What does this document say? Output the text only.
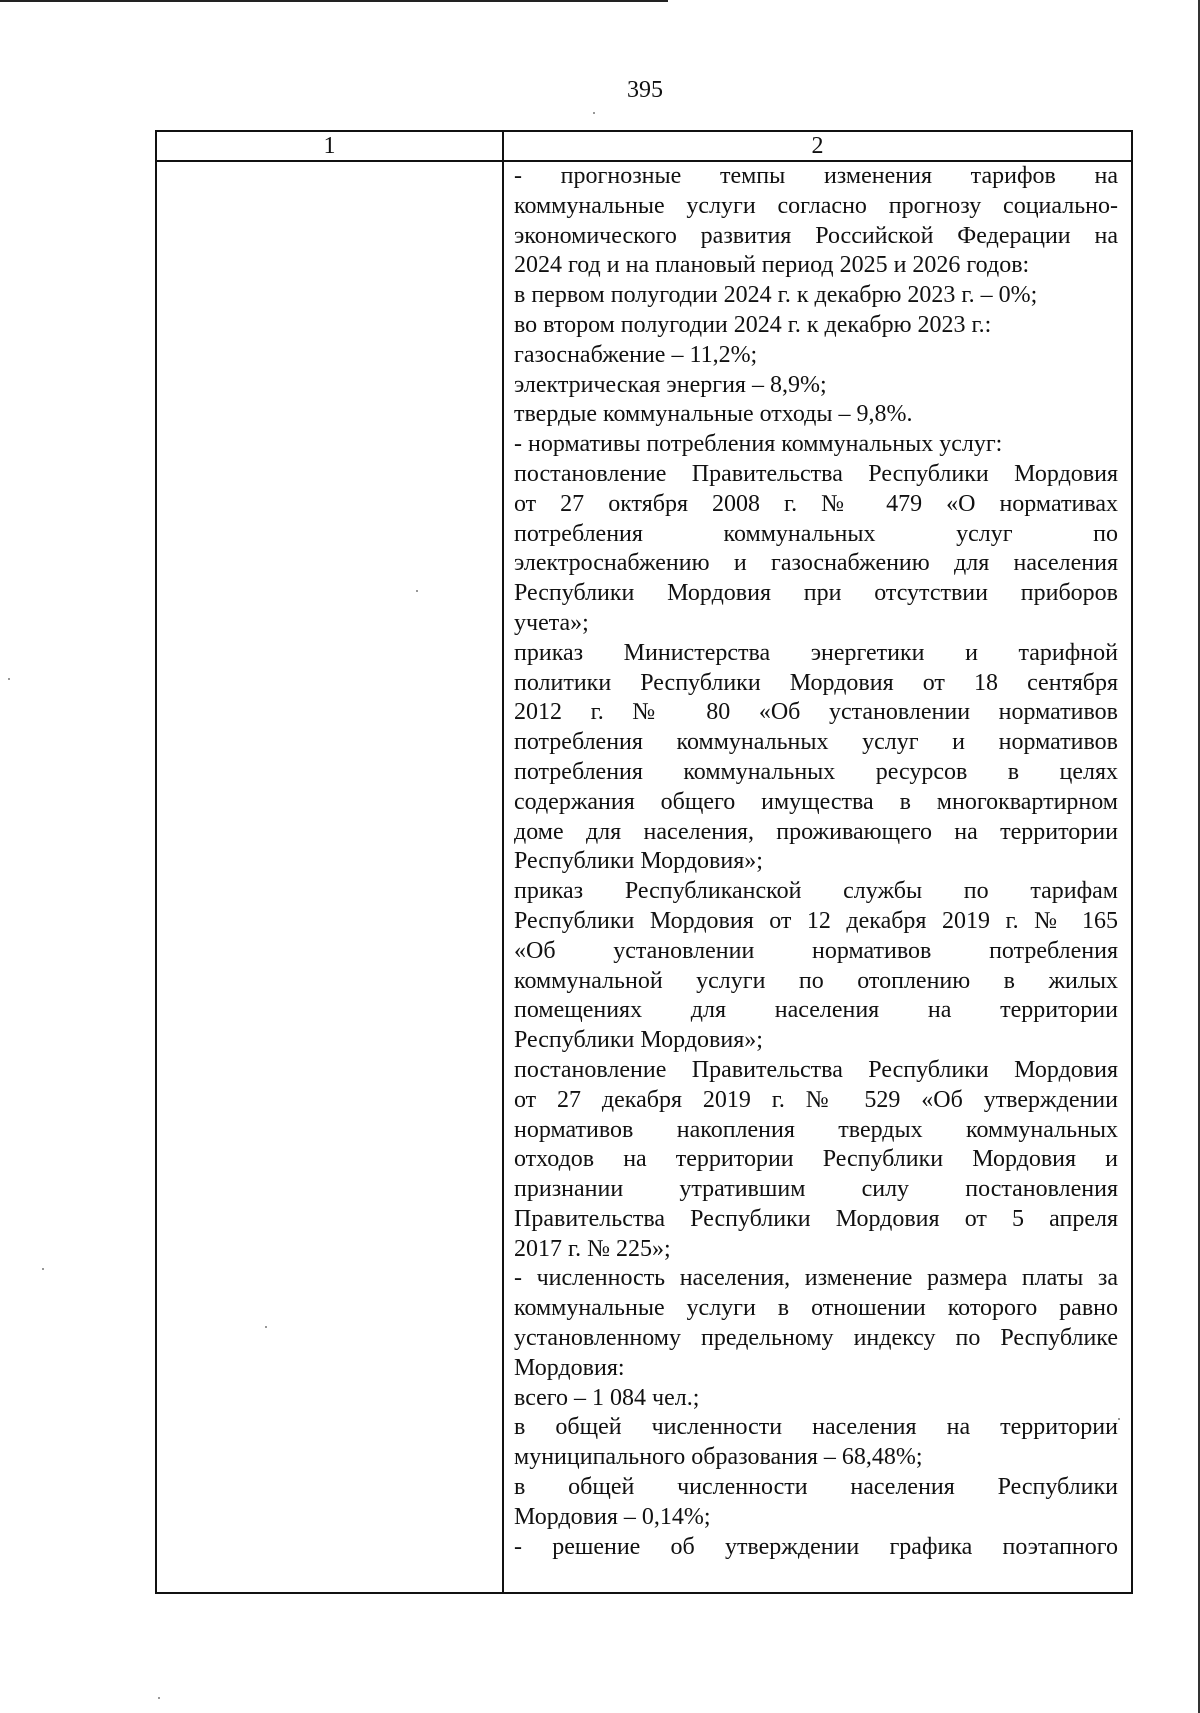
395
1	2
- прогнозные темпы изменения тарифов на
коммунальные услуги согласно прогнозу социально-
экономического развития Российской Федерации на
2024 год и на плановый период 2025 и 2026 годов:
в первом полугодии 2024 г. к декабрю 2023 г. – 0%;
во втором полугодии 2024 г. к декабрю 2023 г.:
газоснабжение – 11,2%;
электрическая энергия – 8,9%;
твердые коммунальные отходы – 9,8%.
- нормативы потребления коммунальных услуг:
постановление Правительства Республики Мордовия
от 27 октября 2008 г. № 479 «О нормативах
потребления коммунальных услуг по
электроснабжению и газоснабжению для населения
Республики Мордовия при отсутствии приборов
учета»;
приказ Министерства энергетики и тарифной
политики Республики Мордовия от 18 сентября
2012 г. № 80 «Об установлении нормативов
потребления коммунальных услуг и нормативов
потребления коммунальных ресурсов в целях
содержания общего имущества в многоквартирном
доме для населения, проживающего на территории
Республики Мордовия»;
приказ Республиканской службы по тарифам
Республики Мордовия от 12 декабря 2019 г. № 165
«Об установлении нормативов потребления
коммунальной услуги по отоплению в жилых
помещениях для населения на территории
Республики Мордовия»;
постановление Правительства Республики Мордовия
от 27 декабря 2019 г. № 529 «Об утверждении
нормативов накопления твердых коммунальных
отходов на территории Республики Мордовия и
признании утратившим силу постановления
Правительства Республики Мордовия от 5 апреля
2017 г. № 225»;
- численность населения, изменение размера платы за
коммунальные услуги в отношении которого равно
установленному предельному индексу по Республике
Мордовия:
всего – 1 084 чел.;
в общей численности населения на территории
муниципального образования – 68,48%;
в общей численности населения Республики
Мордовия – 0,14%;
- решение об утверждении графика поэтапного
